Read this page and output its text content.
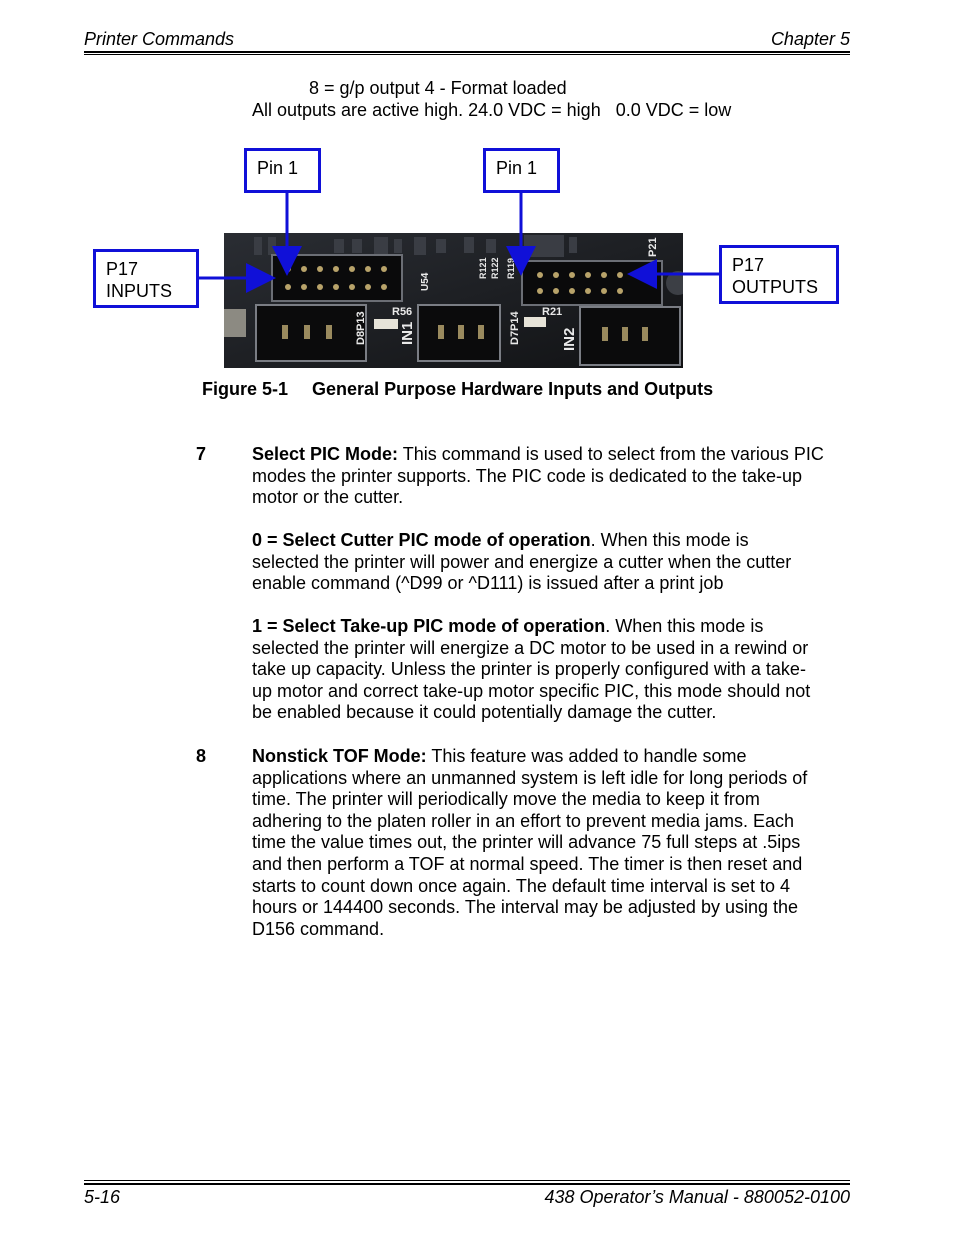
Printer Commands	Chapter 5
8 = g/p output 4 - Format loaded
All outputs are active high. 24.0 VDC = high   0.0 VDC = low
D8P13 R56
IN1	D7P14 R21
IN2
P21
U54
R121 R122 R119
Pin 1	Pin 1
P17
INPUTS
P17
OUTPUTS
Figure 5-1 General Purpose Hardware Inputs and Outputs
7	Select PIC Mode: This command is used to select from the various PIC
modes the printer supports. The PIC code is dedicated to the take-up
motor or the cutter.
0 = Select Cutter PIC mode of operation. When this mode is
selected the printer will power and energize a cutter when the cutter
enable command (^D99 or ^D111) is issued after a print job
1 = Select Take-up PIC mode of operation. When this mode is
selected the printer will energize a DC motor to be used in a rewind or
take up capacity. Unless the printer is properly configured with a take-
up motor and correct take-up motor specific PIC, this mode should not
be enabled because it could potentially damage the cutter.
8	Nonstick TOF Mode: This feature was added to handle some
applications where an unmanned system is left idle for long periods of
time. The printer will periodically move the media to keep it from
adhering to the platen roller in an effort to prevent media jams. Each
time the value times out, the printer will advance 75 full steps at .5ips
and then perform a TOF at normal speed. The timer is then reset and
starts to count down once again. The default time interval is set to 4
hours or 144400 seconds. The interval may be adjusted by using the
D156 command.
5-16	438 Operator’s Manual - 880052-0100
